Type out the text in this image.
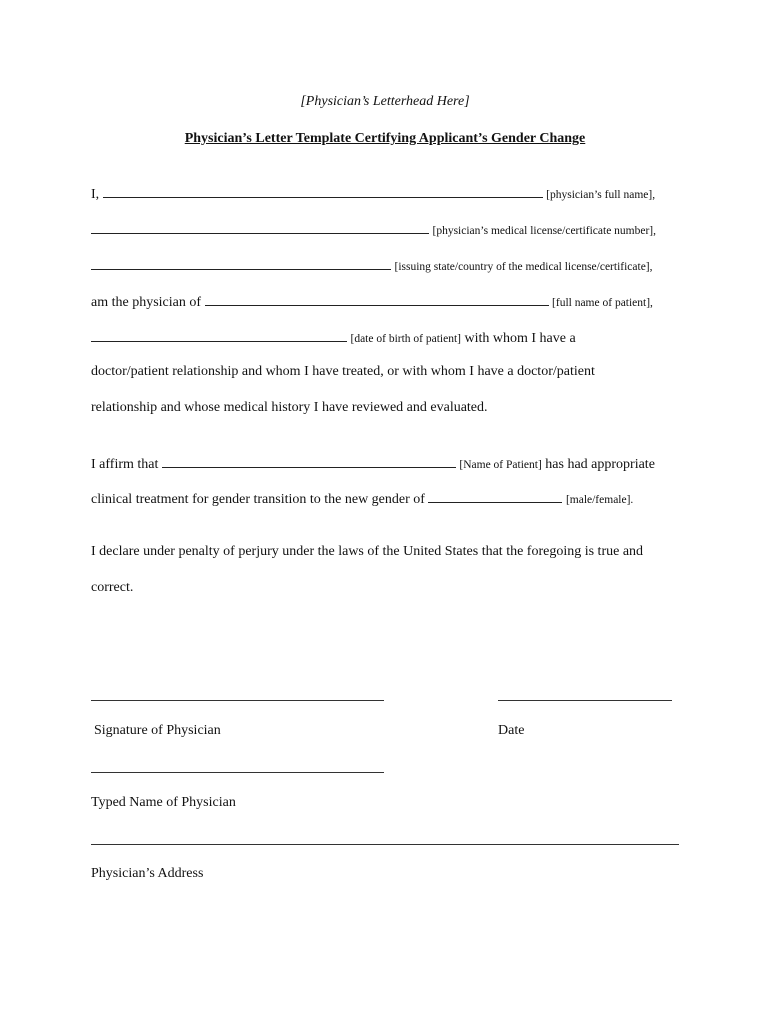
[Physician’s Letterhead Here]
Physician’s Letter Template Certifying Applicant’s Gender Change
I,	[physician’s full name],
[physician’s medical license/certificate number],
[issuing state/country of the medical license/certificate],
am the physician of	[full name of patient],
[date of birth of patient] with whom I have a
doctor/patient relationship and whom I have treated, or with whom I have a doctor/patient
relationship and whose medical history I have reviewed and evaluated.
I affirm that	[Name of Patient] has had appropriate
clinical treatment for gender transition to the new gender of	[male/female].
I declare under penalty of perjury under the laws of the United States that the foregoing is true and
correct.
Signature of Physician	Date
Typed Name of Physician
Physician’s Address
